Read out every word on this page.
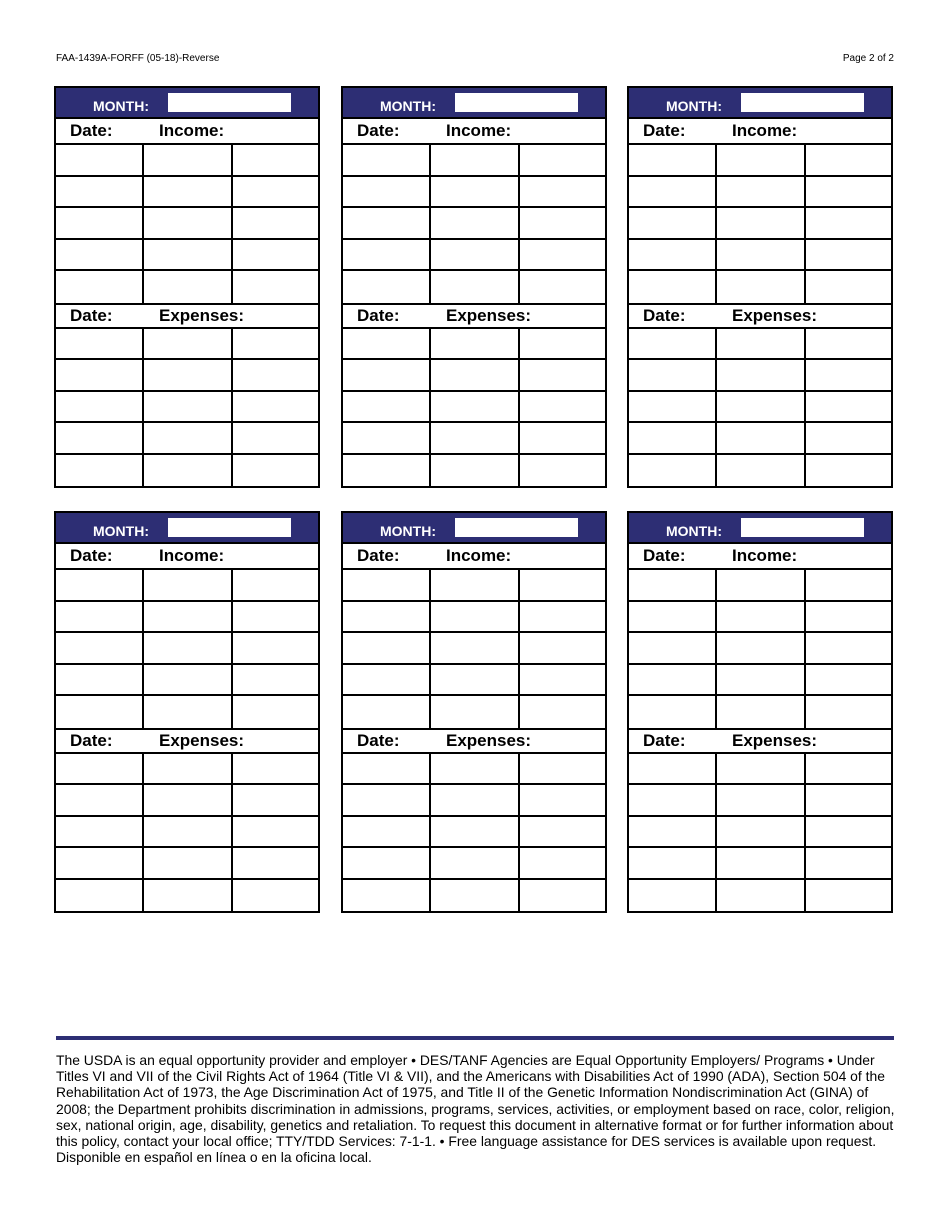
FAA-1439A-FORFF (05-18)-Reverse	Page 2 of 2
MONTH:
Date:	Income:
Date:	Expenses:
MONTH:
Date:	Income:
Date:	Expenses:
MONTH:
Date:	Income:
Date:	Expenses:
MONTH:
Date:	Income:
Date:	Expenses:
MONTH:
Date:	Income:
Date:	Expenses:
MONTH:
Date:	Income:
Date:	Expenses:
The USDA is an equal opportunity provider and employer • DES/TANF Agencies are Equal Opportunity Employers/ Programs • Under Titles VI and VII of the Civil Rights Act of 1964 (Title VI & VII), and the Americans with Disabilities Act of 1990 (ADA), Section 504 of the Rehabilitation Act of 1973, the Age Discrimination Act of 1975, and Title II of the Genetic Information Nondiscrimination Act (GINA) of 2008; the Department prohibits discrimination in admissions, programs, services, activities, or employment based on race, color, religion, sex, national origin, age, disability, genetics and retaliation. To request this document in alternative format or for further information about this policy, contact your local office; TTY/TDD Services: 7-1-1. • Free language assistance for DES services is available upon request. Disponible en español en línea o en la oficina local.
